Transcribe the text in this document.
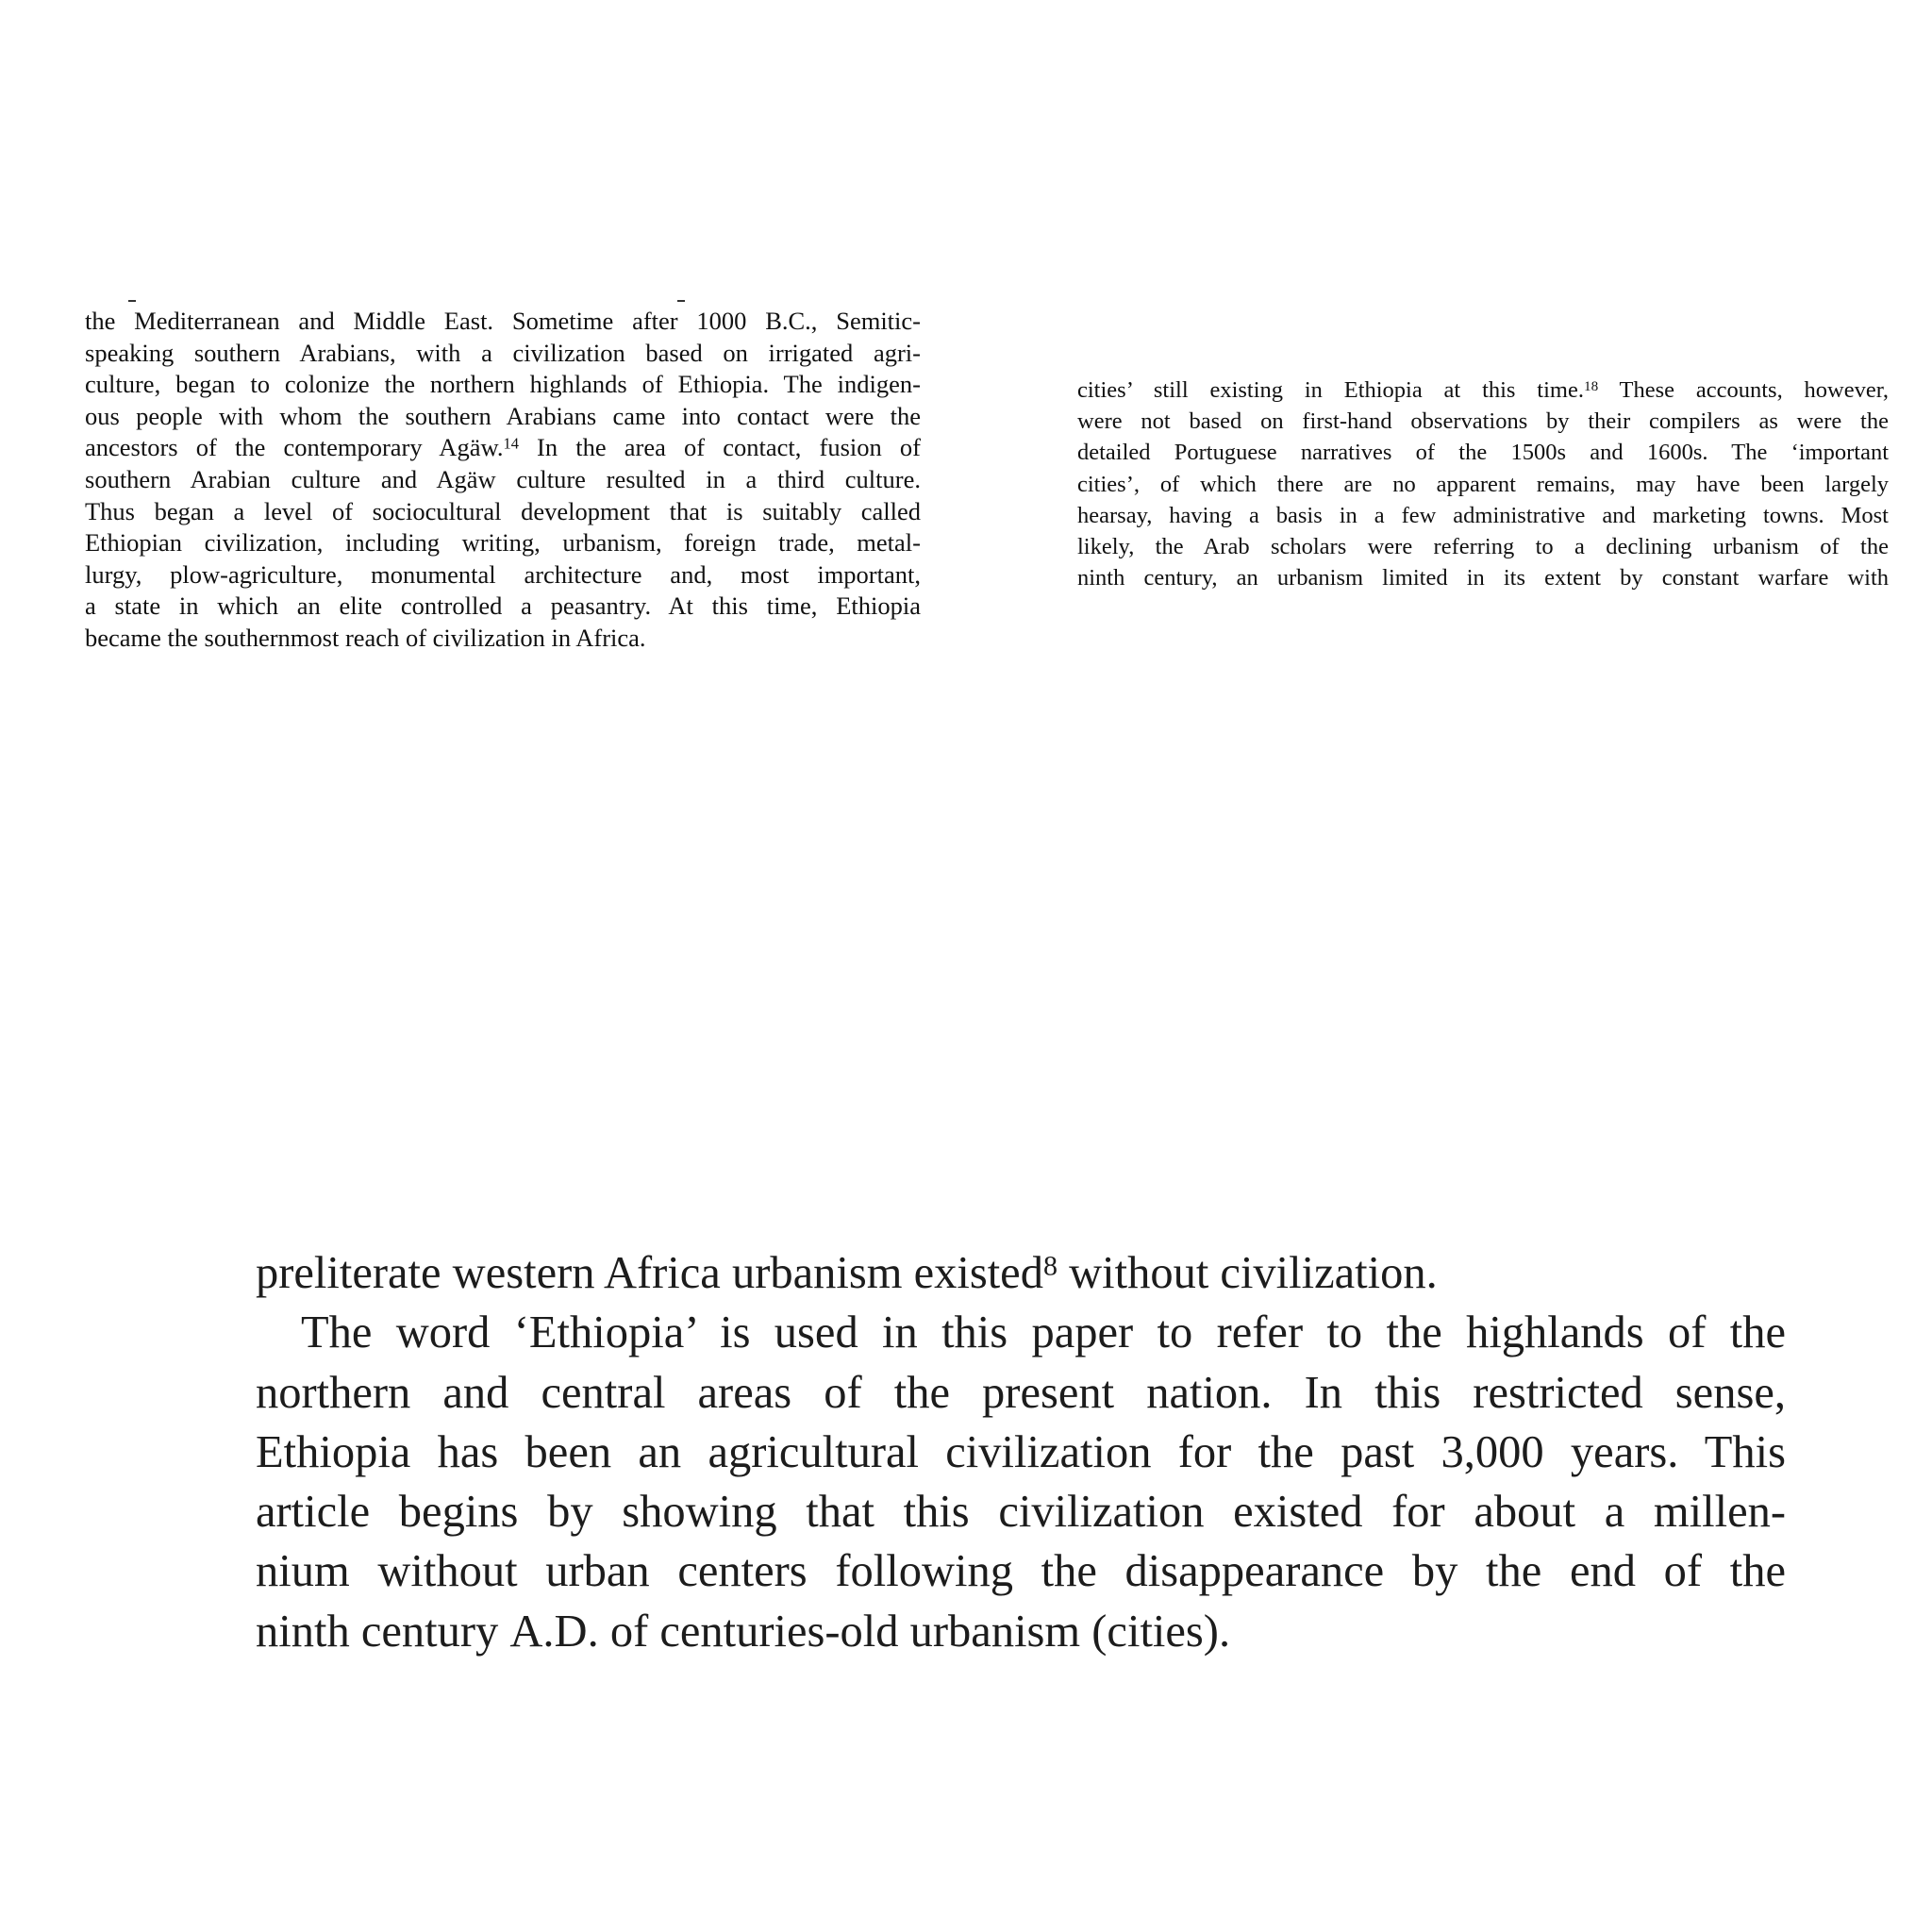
the Mediterranean and Middle East. Sometime after 1000 B.C., Semitic-
speaking southern Arabians, with a civilization based on irrigated agri-
culture, began to colonize the northern highlands of Ethiopia. The indigen-
ous people with whom the southern Arabians came into contact were the
ancestors of the contemporary Agäw.$^{14}$ In the area of contact, fusion of
southern Arabian culture and Agäw culture resulted in a third culture.
Thus began a level of sociocultural development that is suitably called
Ethiopian civilization, including writing, urbanism, foreign trade, metal-
lurgy, plow-agriculture, monumental architecture and, most important,
a state in which an elite controlled a peasantry. At this time, Ethiopia
became the southernmost reach of civilization in Africa.
cities’ still existing in Ethiopia at this time.$^{18}$ These accounts, however,
were not based on first-hand observations by their compilers as were the
detailed Portuguese narratives of the 1500s and 1600s. The ‘important
cities’, of which there are no apparent remains, may have been largely
hearsay, having a basis in a few administrative and marketing towns. Most
likely, the Arab scholars were referring to a declining urbanism of the
ninth century, an urbanism limited in its extent by constant warfare with
preliterate western Africa urbanism existed$^8$ without civilization.
The word ‘Ethiopia’ is used in this paper to refer to the highlands of the
northern and central areas of the present nation. In this restricted sense,
Ethiopia has been an agricultural civilization for the past 3,000 years. This
article begins by showing that this civilization existed for about a millen-
nium without urban centers following the disappearance by the end of the
ninth century A.D. of centuries-old urbanism (cities).
